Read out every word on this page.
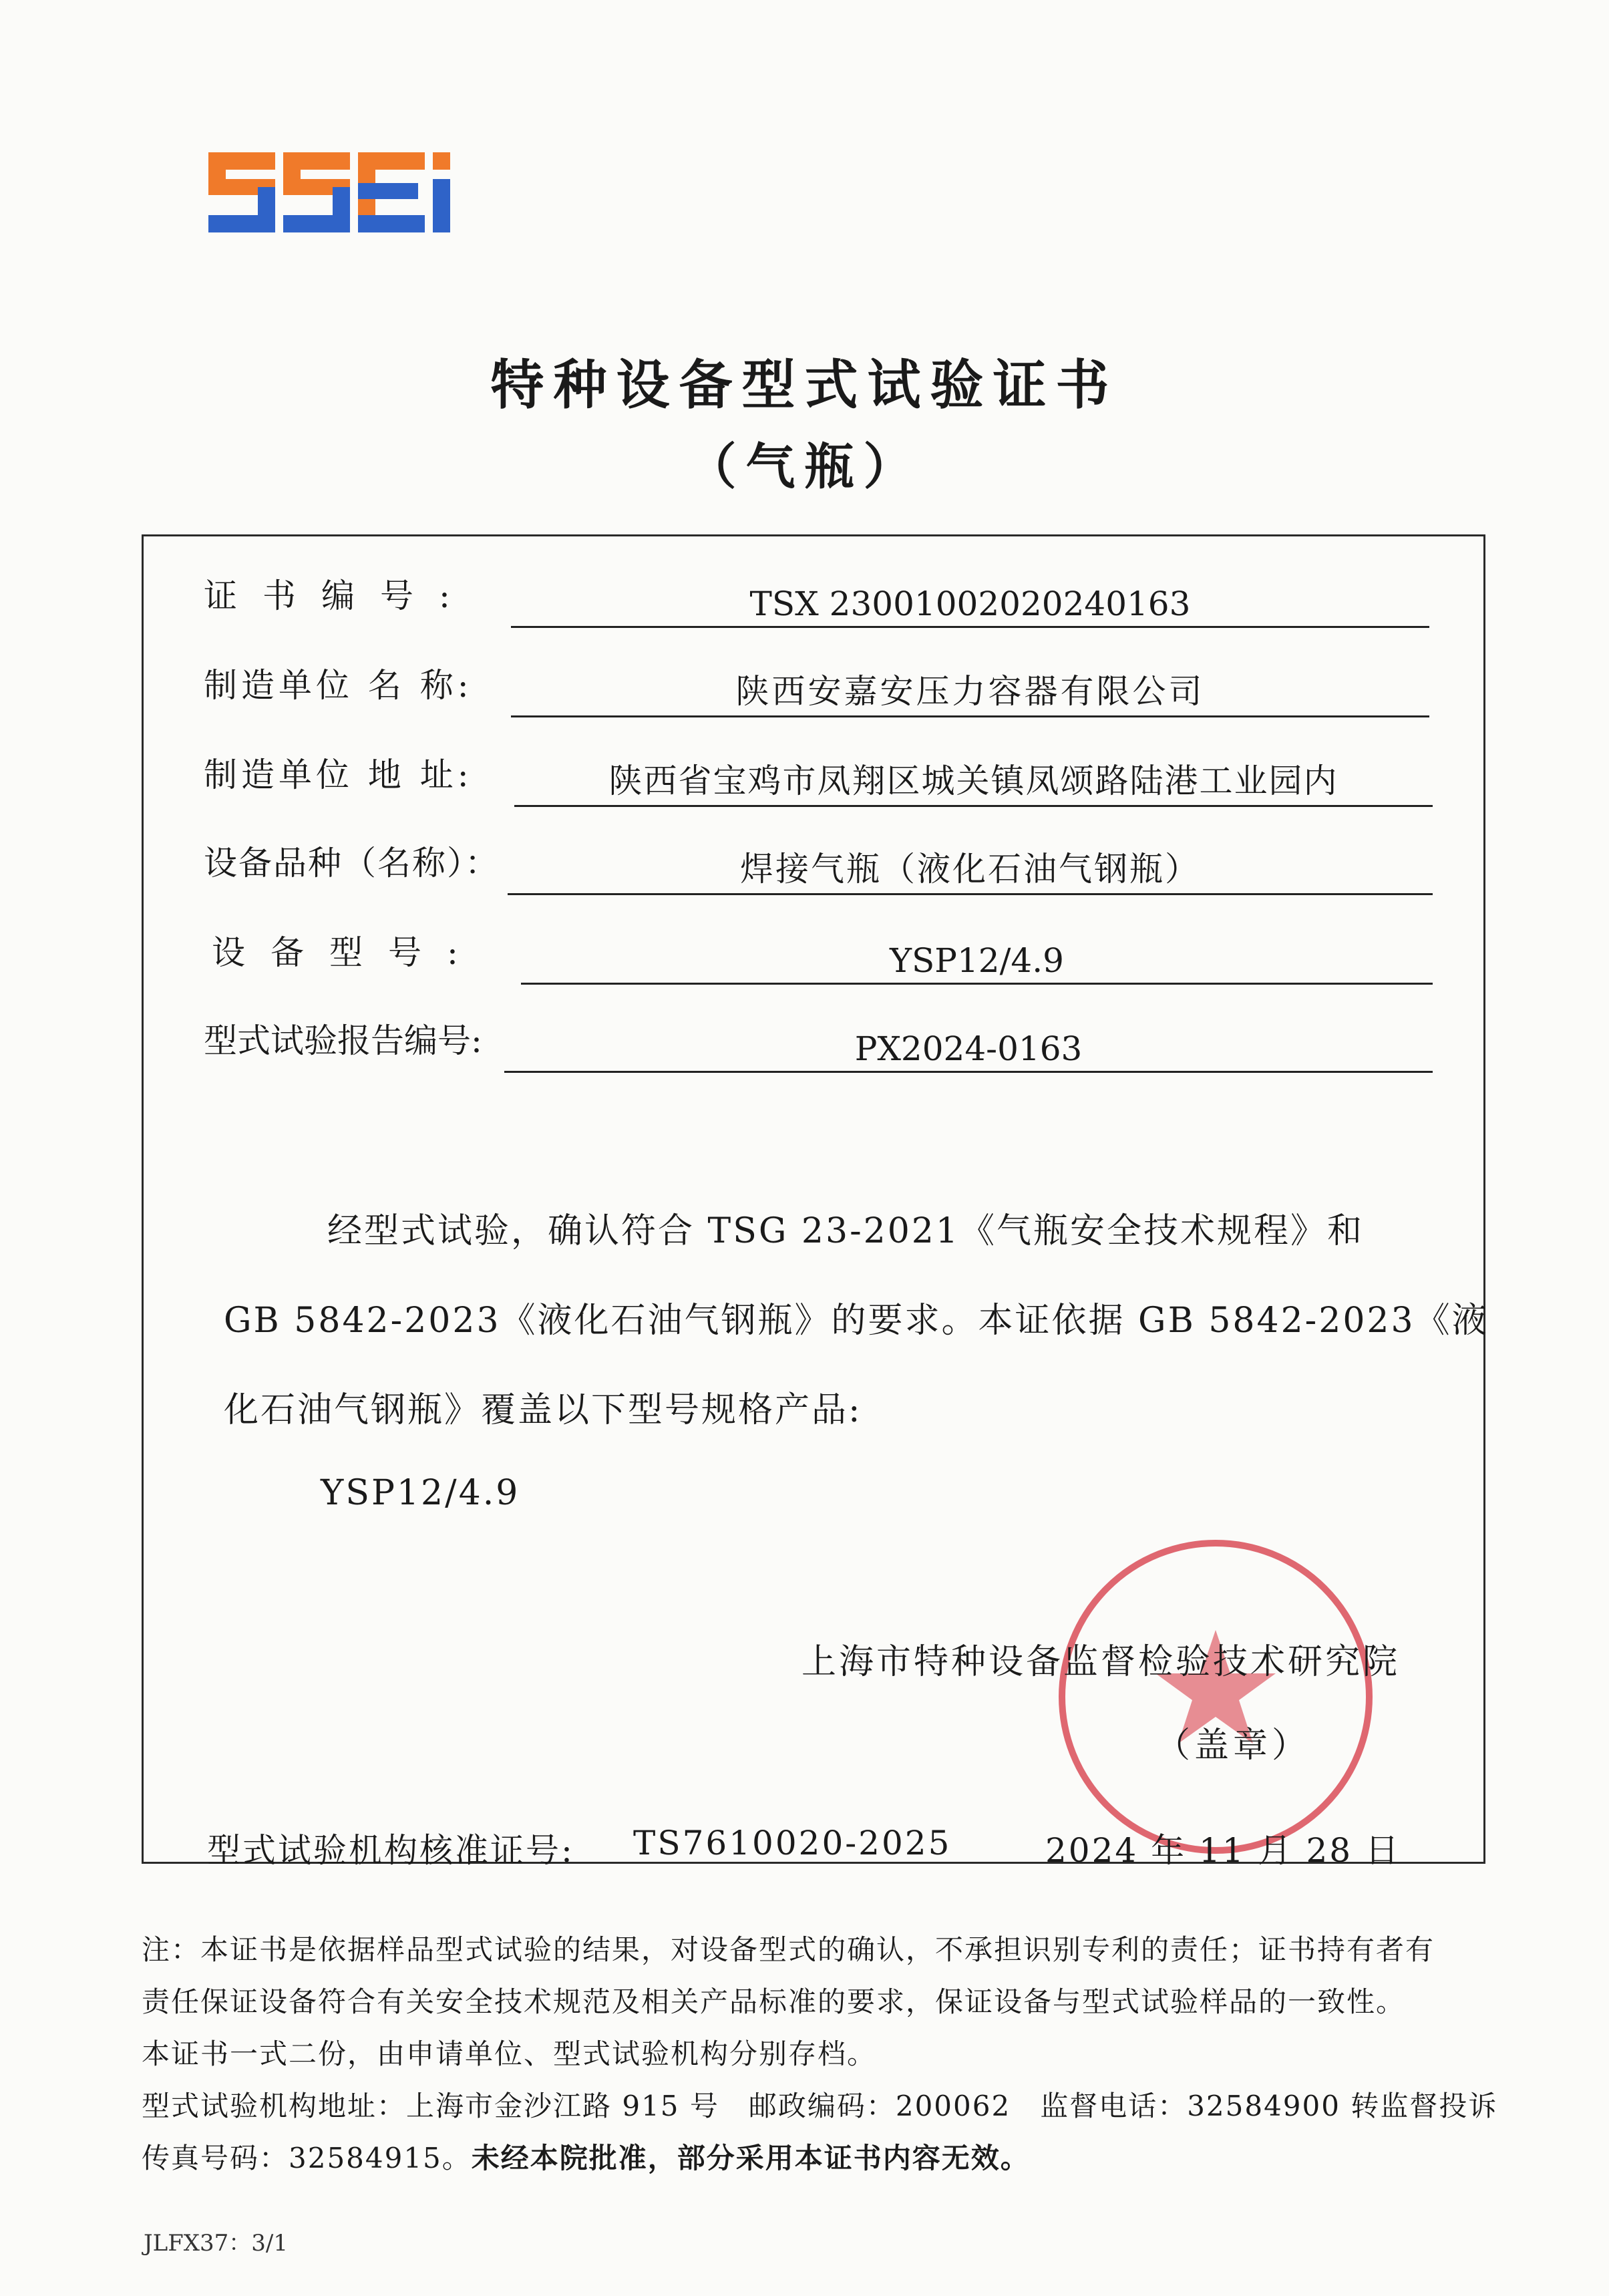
特种设备型式试验证书
（气瓶）
证书编号:	TSX 23001002020240163
制造单位 名 称:	陕西安嘉安压力容器有限公司
制造单位 地 址:	陕西省宝鸡市凤翔区城关镇凤颂路陆港工业园内
设备品种（名称）：	焊接气瓶（液化石油气钢瓶）
设备型号:	YSP12/4.9
型式试验报告编号:	PX2024-0163
经型式试验，确认符合 TSG 23-2021《气瓶安全技术规程》和
GB 5842-2023《液化石油气钢瓶》的要求。本证依据 GB 5842-2023《液
化石油气钢瓶》覆盖以下型号规格产品:
YSP12/4.9
上海市特种设备监督检验技术研究院
（盖章）
型式试验机构核准证号: TS7610020-2025	2024 年 11 月 28 日
注：本证书是依据样品型式试验的结果，对设备型式的确认，不承担识别专利的责任；证书持有者有
责任保证设备符合有关安全技术规范及相关产品标准的要求，保证设备与型式试验样品的一致性。
本证书一式二份，由申请单位、型式试验机构分别存档。
型式试验机构地址：上海市金沙江路 915 号　邮政编码：200062　监督电话：32584900 转监督投诉
传真号码：32584915。未经本院批准，部分采用本证书内容无效。
JLFX37：3/1
